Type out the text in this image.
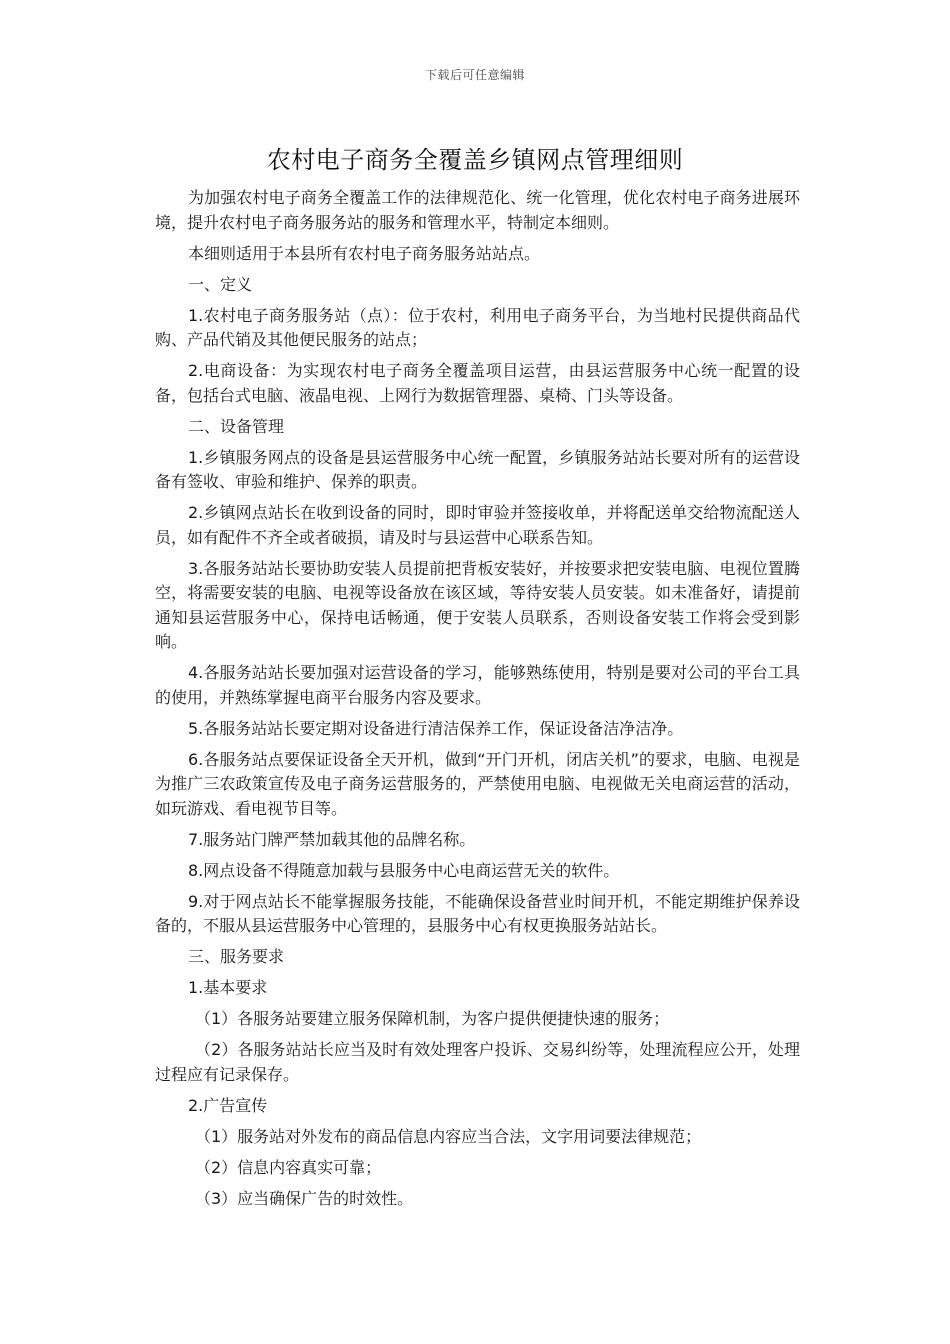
下载后可任意编辑
农村电子商务全覆盖乡镇网点管理细则

为加强农村电子商务全覆盖工作的法律规范化、统一化管理，优化农村电子商务进展环境，提升农村电子商务服务站的服务和管理水平，特制定本细则。

本细则适用于本县所有农村电子商务服务站站点。

一、定义

1.农村电子商务服务站（点）：位于农村，利用电子商务平台，为当地村民提供商品代购、产品代销及其他便民服务的站点；

2.电商设备：为实现农村电子商务全覆盖项目运营，由县运营服务中心统一配置的设备，包括台式电脑、液晶电视、上网行为数据管理器、桌椅、门头等设备。

二、设备管理

1.乡镇服务网点的设备是县运营服务中心统一配置，乡镇服务站站长要对所有的运营设备有签收、审验和维护、保养的职责。

2.乡镇网点站长在收到设备的同时，即时审验并签接收单，并将配送单交给物流配送人员，如有配件不齐全或者破损，请及时与县运营中心联系告知。

3.各服务站站长要协助安装人员提前把背板安装好，并按要求把安装电脑、电视位置腾空，将需要安装的电脑、电视等设备放在该区域，等待安装人员安装。如未准备好，请提前通知县运营服务中心，保持电话畅通，便于安装人员联系，否则设备安装工作将会受到影响。

4.各服务站站长要加强对运营设备的学习，能够熟练使用，特别是要对公司的平台工具的使用，并熟练掌握电商平台服务内容及要求。

5.各服务站站长要定期对设备进行清洁保养工作，保证设备洁净洁净。

6.各服务站点要保证设备全天开机，做到“开门开机，闭店关机”的要求，电脑、电视是为推广三农政策宣传及电子商务运营服务的，严禁使用电脑、电视做无关电商运营的活动，如玩游戏、看电视节目等。

7.服务站门牌严禁加载其他的品牌名称。

8.网点设备不得随意加载与县服务中心电商运营无关的软件。

9.对于网点站长不能掌握服务技能，不能确保设备营业时间开机，不能定期维护保养设备的，不服从县运营服务中心管理的，县服务中心有权更换服务站站长。

三、服务要求

1.基本要求

（1）各服务站要建立服务保障机制，为客户提供便捷快速的服务；

（2）各服务站站长应当及时有效处理客户投诉、交易纠纷等，处理流程应公开，处理过程应有记录保存。

2.广告宣传

（1）服务站对外发布的商品信息内容应当合法，文字用词要法律规范；

（2）信息内容真实可靠；

（3）应当确保广告的时效性。
